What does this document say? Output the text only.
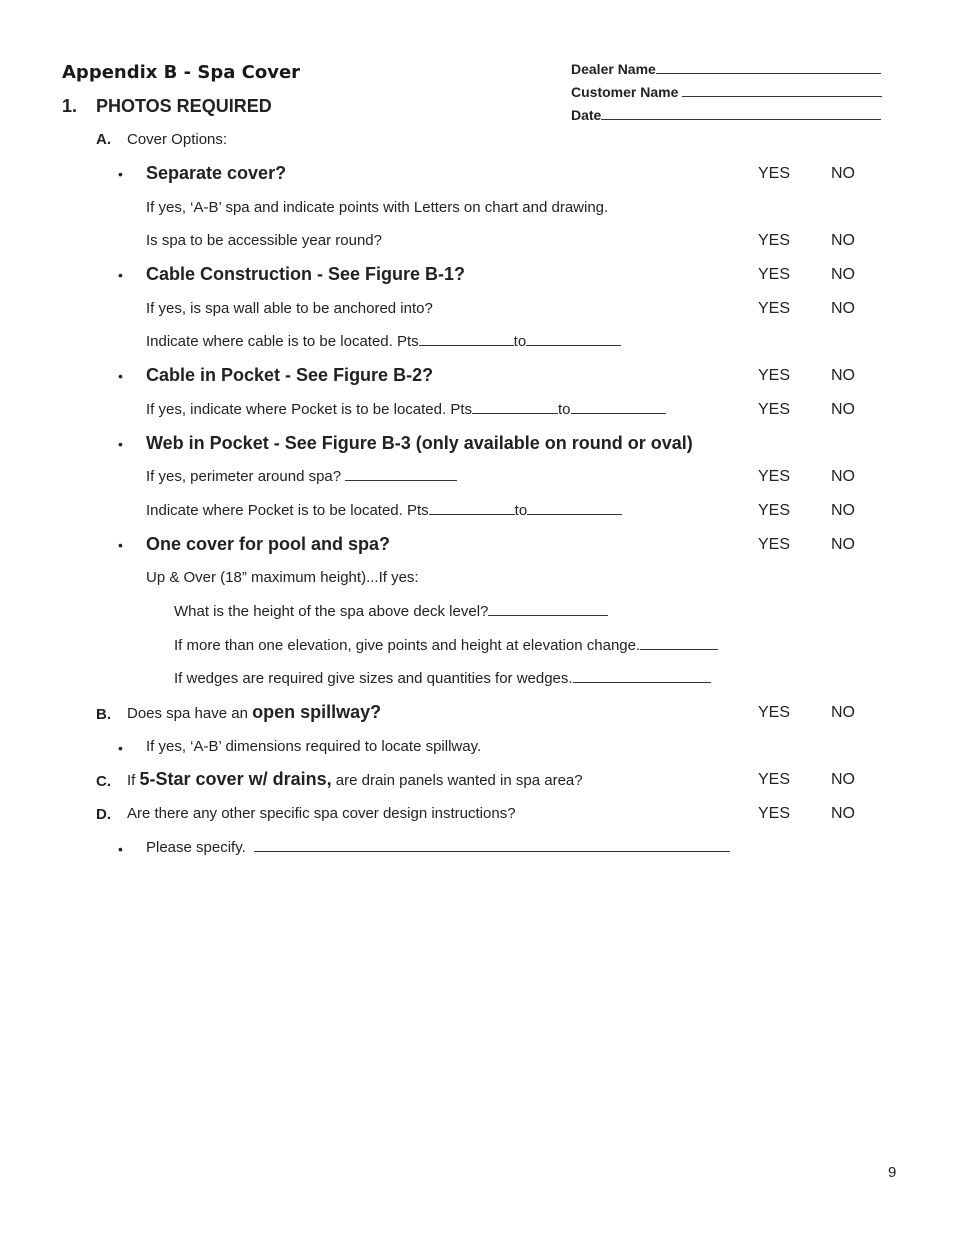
Appendix B - Spa Cover
1. PHOTOS REQUIRED
Dealer Name
Customer Name
Date
A. Cover Options:
• Separate cover?	YES	NO
If yes, ‘A-B’ spa and indicate points with Letters on chart and drawing.
Is spa to be accessible year round?	YES	NO
• Cable Construction - See Figure B-1?	YES	NO
If yes, is spa wall able to be anchored into?	YES	NO
Indicate where cable is to be located. Pts	to
• Cable in Pocket - See Figure B-2?	YES	NO
If yes, indicate where Pocket is to be located. Pts	to	YES	NO
• Web in Pocket - See Figure B-3 (only available on round or oval)
If yes, perimeter around spa?	YES	NO
Indicate where Pocket is to be located. Pts	to	YES	NO
• One cover for pool and spa?	YES	NO
Up & Over (18” maximum height)...If yes:
What is the height of the spa above deck level?
If more than one elevation, give points and height at elevation change.
If wedges are required give sizes and quantities for wedges.
B. Does spa have an open spillway?	YES	NO
• If yes, ‘A-B’ dimensions required to locate spillway.
C. If 5-Star cover w/ drains, are drain panels wanted in spa area?	YES	NO
D. Are there any other specific spa cover design instructions?	YES	NO
• Please specify.
9
